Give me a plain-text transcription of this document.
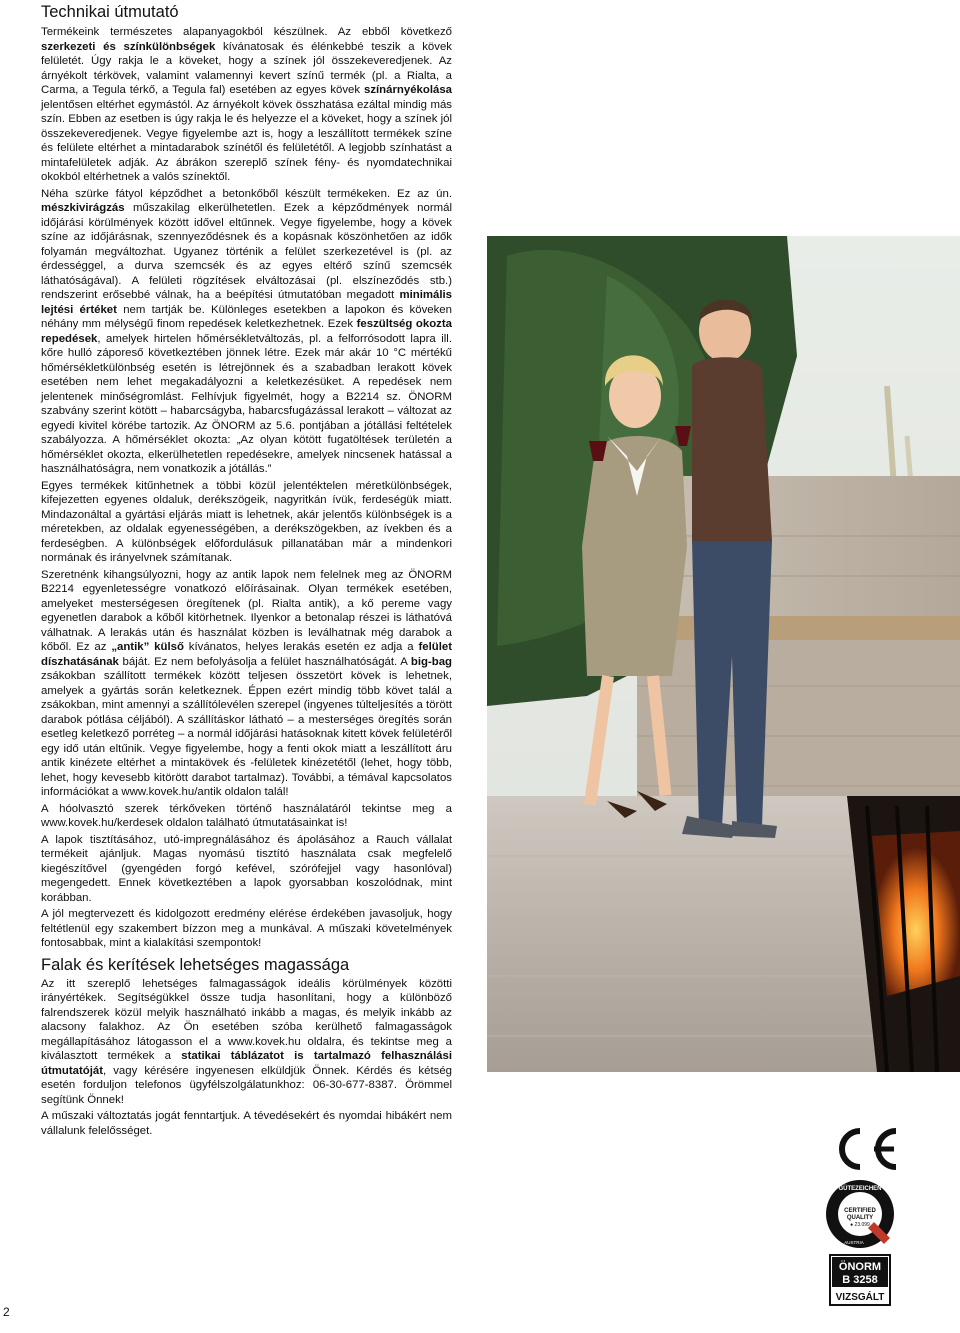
Technikai útmutató

Termékeink természetes alapanyagokból készülnek. Az ebből következő szerkezeti és színkülönbségek kívánatosak és élénkebbé teszik a kövek felületét. Úgy rakja le a köveket, hogy a színek jól összekeveredjenek. Az árnyékolt térkövek, valamint valamennyi kevert színű termék (pl. a Rialta, a Carma, a Tegula térkő, a Tegula fal) esetében az egyes kövek színárnyékolása jelentősen eltérhet egymástól. Az árnyékolt kövek összhatása ezáltal mindig más szín. Ebben az esetben is úgy rakja le és helyezze el a köveket, hogy a színek jól összekeveredjenek. Vegye figyelembe azt is, hogy a leszállított termékek színe és felülete eltérhet a mintadarabok színétől és felületétől. A legjobb színhatást a mintafelületek adják. Az ábrákon szereplő színek fény- és nyomdatechnikai okokból eltérhetnek a valós színektől.

Néha szürke fátyol képződhet a betonkőből készült termékeken. Ez az ún. mészkivirágzás műszakilag elkerülhetetlen. Ezek a képződmények normál időjárási körülmények között idővel eltűnnek. Vegye figyelembe, hogy a kövek színe az időjárásnak, szennyeződésnek és a kopásnak köszönhetően az idők folyamán megváltozhat. Ugyanez történik a felület szerkezetével is (pl. az érdességgel, a durva szemcsék és az egyes eltérő színű szemcsék láthatóságával). A felületi rögzítések elváltozásai (pl. elszíneződés stb.) rendszerint erősebbé válnak, ha a beépítési útmutatóban megadott minimális lejtési értéket nem tartják be. Különleges esetekben a lapokon és köveken néhány mm mélységű finom repedések keletkezhetnek. Ezek feszültség okozta repedések, amelyek hirtelen hőmérsékletváltozás, pl. a felforrósodott lapra ill. kőre hulló záporeső következtében jönnek létre. Ezek már akár 10 °C mértékű hőmérsékletkülönbség esetén is létrejönnek és a szabadban lerakott kövek esetében nem lehet megakadályozni a keletkezésüket. A repedések nem jelentenek minőségromlást. Felhívjuk figyelmét, hogy a B2214 sz. ÖNORM szabvány szerint kötött – habarcságyba, habarcsfugázással lerakott – változat az egyedi kivitel körébe tartozik. Az ÖNORM az 5.6. pontjában a jótállási feltételek szabályozza. A hőmérséklet okozta: „Az olyan kötött fugatöltések területén a hőmérséklet okozta, elkerülhetetlen repedésekre, amelyek nincsenek hatással a használhatóságra, nem vonatkozik a jótállás.”

Egyes termékek kitűnhetnek a többi közül jelentéktelen méretkülönbségek, kifejezetten egyenes oldaluk, derékszögeik, nagyritkán ívük, ferdeségük miatt. Mindazonáltal a gyártási eljárás miatt is lehetnek, akár jelentős különbségek is a méretekben, az oldalak egyenességében, a derékszögekben, az ívekben és a ferdeségben. A különbségek előfordulásuk pillanatában már a mindenkori normának és irányelvnek számítanak.

Szeretnénk kihangsúlyozni, hogy az antik lapok nem felelnek meg az ÖNORM B2214 egyenletességre vonatkozó előírásainak. Olyan termékek esetében, amelyeket mesterségesen öregítenek (pl. Rialta antik), a kő pereme vagy egyenetlen darabok a kőből kitörhetnek. Ilyenkor a betonalap részei is láthatóvá válhatnak. A lerakás után és használat közben is leválhatnak még darabok a kőből. Ez az „antik” külső kívánatos, helyes lerakás esetén ez adja a felület díszhatásának báját. Ez nem befolyásolja a felület használhatóságát. A big-bag zsákokban szállított termékek között teljesen összetört kövek is lehetnek, amelyek a gyártás során keletkeznek. Éppen ezért mindig több követ talál a zsákokban, mint amennyi a szállítólevélen szerepel (ingyenes túlteljesítés a törött darabok pótlása céljából). A szállításkor látható – a mesterséges öregítés során esetleg keletkező porréteg – a normál időjárási hatásoknak kitett kövek felületéről egy idő után eltűnik. Vegye figyelembe, hogy a fenti okok miatt a leszállított áru antik kinézete eltérhet a mintakövek és -felületek kinézetétől (lehet, hogy több, lehet, hogy kevesebb kitörött darabot tartalmaz). További, a témával kapcsolatos információkat a www.kovek.hu/antik oldalon talál!

A hóolvasztó szerek térkőveken történő használatáról tekintse meg a www.kovek.hu/kerdesek oldalon található útmutatásainkat is!

A lapok tisztításához, utó-impregnálásához és ápolásához a Rauch vállalat termékeit ajánljuk. Magas nyomású tisztító használata csak megfelelő kiegészítővel (gyengéden forgó kefével, szórófejjel vagy hasonlóval) megengedett. Ennek következtében a lapok gyorsabban koszolódnak, mint korábban.

A jól megtervezett és kidolgozott eredmény elérése érdekében javasoljuk, hogy feltétlenül egy szakembert bízzon meg a munkával. A műszaki követelmények fontosabbak, mint a kialakítási szempontok!

Falak és kerítések lehetséges magassága

Az itt szereplő lehetséges falmagasságok ideális körülmények közötti irányértékek. Segítségükkel össze tudja hasonlítani, hogy a különböző falrendszerek közül melyik használható inkább a magas, és melyik inkább az alacsony falakhoz. Az Ön esetében szóba kerülhető falmagasságok megállapításához látogasson el a www.kovek.hu oldalra, és tekintse meg a kiválasztott termékek a statikai táblázatot is tartalmazó felhasználási útmutatóját, vagy kérésére ingyenesen elküldjük Önnek. Kérdés és kétség esetén forduljon telefonos ügyfélszolgálatunkhoz: 06-30-677-8387. Örömmel segítünk Önnek!

A műszaki változtatás jogát fenntartjuk. A tévedésekért és nyomdai hibákért nem vállalunk felelősséget.

2
CERTIFIED
QUALITY
● 23.099
GÜTEZEICHEN
AUSTRIA
ÖNORM
B 3258
VIZSGÁLT
